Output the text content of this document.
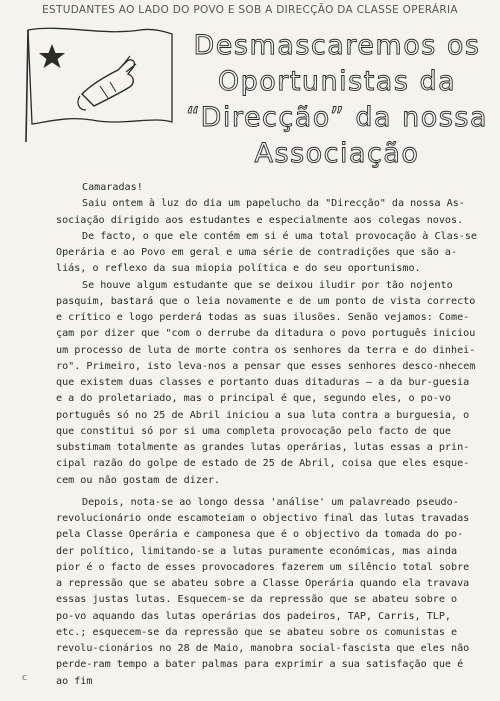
ESTUDANTES AO LADO DO POVO E SOB A DIRECÇÃO DA CLASSE OPERÁRIA
Desmascaremos os
Oportunistas da
“Direcção” da nossa
Associação

Camaradas!

Saiu ontem à luz do dia um papelucho da "Direcção" da nossa As-sociação dirigido aos estudantes e especialmente aos colegas novos.

De facto, o que ele contém em si é uma total provocação à Clas-se Operária e ao Povo em geral e uma série de contradições que são a-liás, o reflexo da sua miopia política e do seu oportunismo.

Se houve algum estudante que se deixou iludir por tão nojento pasquim, bastará que o leia novamente e de um ponto de vista correcto e crítico e logo perderá todas as suas ilusões. Senão vejamos: Come-çam por dizer que "com o derrube da ditadura o povo português iniciou um processo de luta de morte contra os senhores da terra e do dinhei-ro". Primeiro, isto leva-nos a pensar que esses senhores desco-nhecem que existem duas classes e portanto duas ditaduras — a da bur-guesia e a do proletariado, mas o principal é que, segundo eles, o po-vo português só no 25 de Abril iniciou a sua luta contra a burguesia, o que constitui só por si uma completa provocação pelo facto de que substimam totalmente as grandes lutas operárias, lutas essas a prin-cipal razão do golpe de estado de 25 de Abril, coisa que eles esque-cem ou não gostam de dizer.

Depois, nota-se ao longo dessa 'análise' um palavreado pseudo-revolucionário onde escamoteiam o objectivo final das lutas travadas pela Classe Operária e camponesa que é o objectivo da tomada do po-der político, limitando-se a lutas puramente económicas, mas ainda pior é o facto de esses provocadores fazerem um silêncio total sobre a repressão que se abateu sobre a Classe Operária quando ela travava essas justas lutas. Esquecem-se da repressão que se abateu sobre o po-vo aquando das lutas operárias dos padeiros, TAP, Carris, TLP, etc.; esquecem-se da repressão que se abateu sobre os comunistas e revolu-cionários no 28 de Maio, manobra social-fascista que eles não perde-ram tempo a bater palmas para exprimir a sua satisfação que é ao fim

c
